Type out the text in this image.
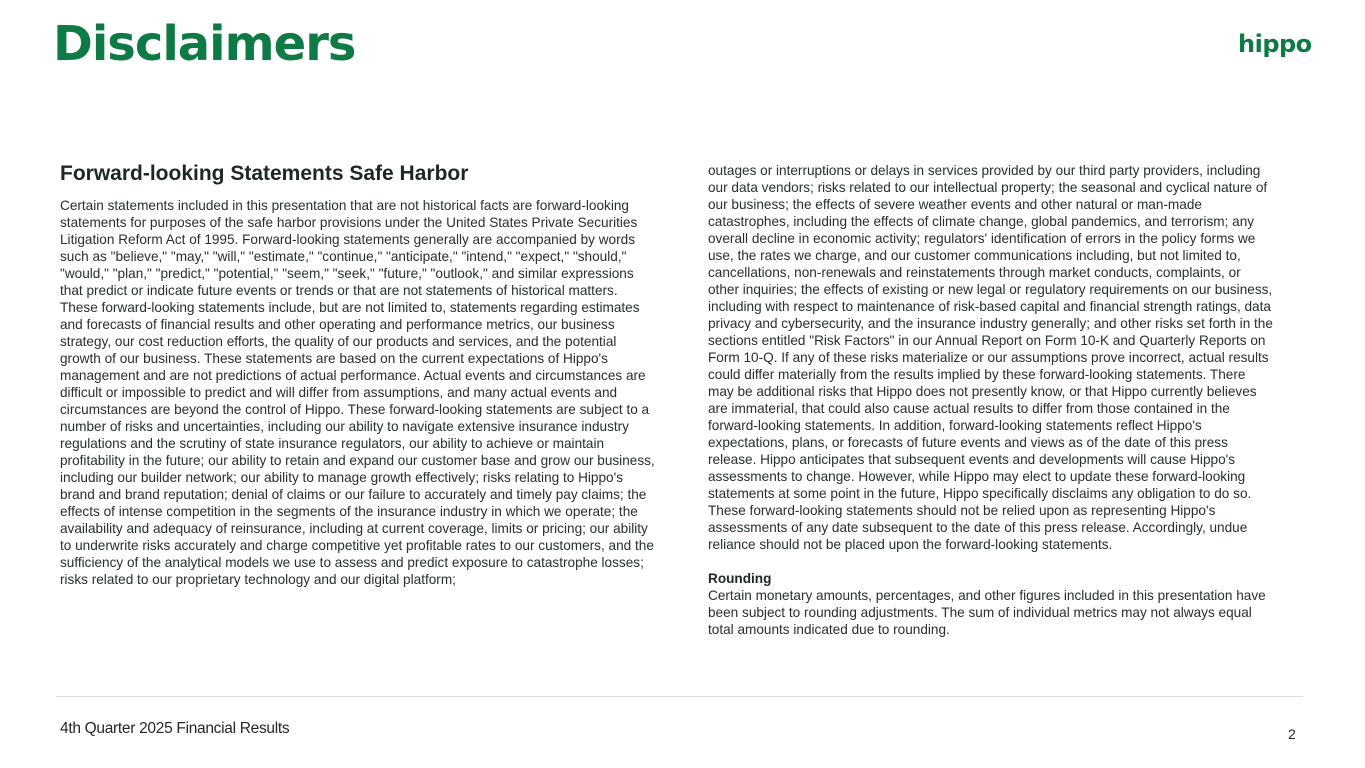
Disclaimers	hippo
Forward-looking Statements Safe Harbor

Certain statements included in this presentation that are not historical facts are forward-looking statements for purposes of the safe harbor provisions under the United States Private Securities Litigation Reform Act of 1995. Forward-looking statements generally are accompanied by words such as "believe," "may," "will," "estimate," "continue," "anticipate," "intend," "expect," "should," "would," "plan," "predict," "potential," "seem," "seek," "future," "outlook," and similar expressions that predict or indicate future events or trends or that are not statements of historical matters. These forward-looking statements include, but are not limited to, statements regarding estimates and forecasts of financial results and other operating and performance metrics, our business strategy, our cost reduction efforts, the quality of our products and services, and the potential growth of our business. These statements are based on the current expectations of Hippo's management and are not predictions of actual performance. Actual events and circumstances are difficult or impossible to predict and will differ from assumptions, and many actual events and circumstances are beyond the control of Hippo. These forward-looking statements are subject to a number of risks and uncertainties, including our ability to navigate extensive insurance industry regulations and the scrutiny of state insurance regulators, our ability to achieve or maintain profitability in the future; our ability to retain and expand our customer base and grow our business, including our builder network; our ability to manage growth effectively; risks relating to Hippo's brand and brand reputation; denial of claims or our failure to accurately and timely pay claims; the effects of intense competition in the segments of the insurance industry in which we operate; the availability and adequacy of reinsurance, including at current coverage, limits or pricing; our ability to underwrite risks accurately and charge competitive yet profitable rates to our customers, and the sufficiency of the analytical models we use to assess and predict exposure to catastrophe losses; risks related to our proprietary technology and our digital platform;

outages or interruptions or delays in services provided by our third party providers, including our data vendors; risks related to our intellectual property; the seasonal and cyclical nature of our business; the effects of severe weather events and other natural or man-made catastrophes, including the effects of climate change, global pandemics, and terrorism; any overall decline in economic activity; regulators' identification of errors in the policy forms we use, the rates we charge, and our customer communications including, but not limited to, cancellations, non-renewals and reinstatements through market conducts, complaints, or other inquiries; the effects of existing or new legal or regulatory requirements on our business, including with respect to maintenance of risk-based capital and financial strength ratings, data privacy and cybersecurity, and the insurance industry generally; and other risks set forth in the sections entitled "Risk Factors" in our Annual Report on Form 10-K and Quarterly Reports on Form 10-Q. If any of these risks materialize or our assumptions prove incorrect, actual results could differ materially from the results implied by these forward-looking statements. There may be additional risks that Hippo does not presently know, or that Hippo currently believes are immaterial, that could also cause actual results to differ from those contained in the forward-looking statements. In addition, forward-looking statements reflect Hippo's expectations, plans, or forecasts of future events and views as of the date of this press release. Hippo anticipates that subsequent events and developments will cause Hippo's assessments to change. However, while Hippo may elect to update these forward-looking statements at some point in the future, Hippo specifically disclaims any obligation to do so. These forward-looking statements should not be relied upon as representing Hippo's assessments of any date subsequent to the date of this press release. Accordingly, undue reliance should not be placed upon the forward-looking statements.

Rounding

Certain monetary amounts, percentages, and other figures included in this presentation have been subject to rounding adjustments. The sum of individual metrics may not always equal total amounts indicated due to rounding.

4th Quarter 2025 Financial Results	2
